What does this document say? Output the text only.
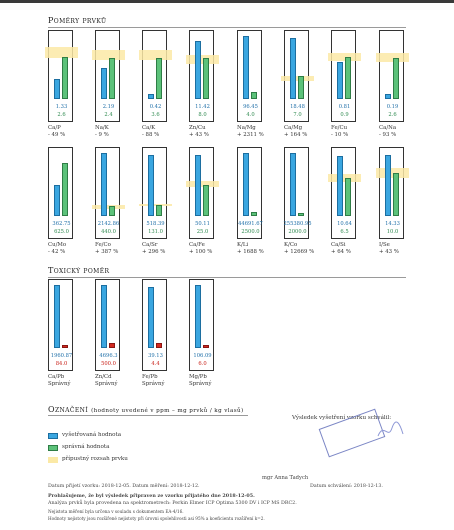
Poměry prvků
1.33
2.6
Ca/P
- 49 %
2.19
2.4
Na/K
- 9 %
0.42
3.6
Ca/K
- 88 %
11.42
8.0
Zn/Cu
+ 43 %
96.45
4.0
Na/Mg
+ 2311 %
18.48
7.0
Ca/Mg
+ 164 %
0.81
0.9
Fe/Cu
- 10 %
0.19
2.6
Ca/Na
- 93 %
362.75
625.0
Cu/Mo
- 42 %
2142.86
440.0
Fe/Co
+ 387 %
518.39
131.0
Ca/Sr
+ 296 %
50.11
25.0
Ca/Fe
+ 100 %
44691.67
2500.0
K/Li
+ 1688 %
255380.95
2000.0
K/Co
+ 12669 %
10.64
6.5
Ca/Si
+ 64 %
14.33
10.0
I/Se
+ 43 %
Toxický poměr
1960.87
84.0
Ca/Pb
Správný
4696.3
500.0
Zn/Cd
Správný
39.13
4.4
Fe/Pb
Správný
106.09
6.0
Mg/Pb
Správný
Označení (hodnoty uvedené v ppm – mg prvků / kg vlasů)
vyšetřovaná hodnota
správná hodnota
přípustný rozsah prvku
Výsledek vyšetření vzorku schválil:
mgr Anna Tadych
Datum přijetí vzorku: 2018-12-05. Datum měření: 2018-12-12.	Datum schválení: 2018-12-13.
Prohlašujeme, že byl výsledek připraven ze vzorku přijatého dne 2018-12-05.
Analýza prvků byla provedena na spektrometrech: Perkin Elmer ICP Optima 5300 DV i ICP MS DRC2.
Nejistota měření byla určena v souladu s dokumentem EA-4/16.
Hodnoty nejistoty jsou rozšířené nejistoty při úrovni spolehlivosti asi 95% a koeficientu rozšíření k=2.
